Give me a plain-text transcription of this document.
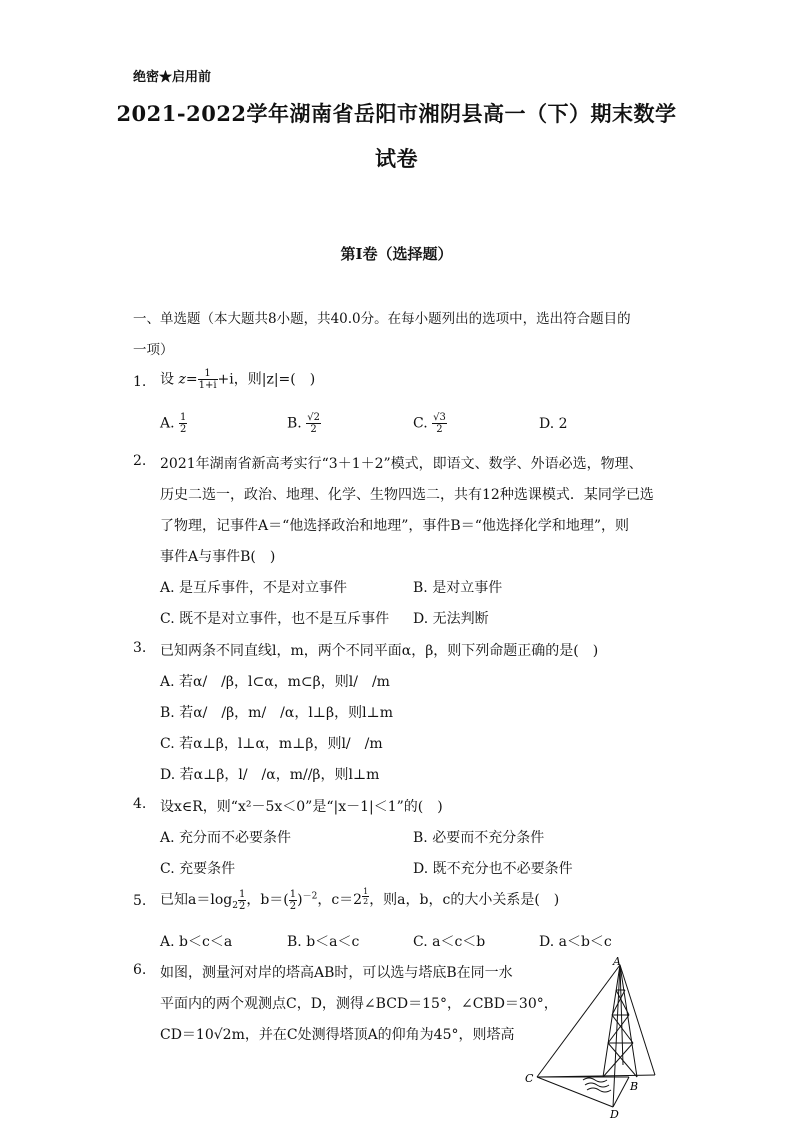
绝密★启用前
2021-2022学年湖南省岳阳市湘阴县高一（下）期末数学
试卷
第I卷（选择题）
一、单选题（本大题共8小题，共40.0分。在每小题列出的选项中，选出符合题目的
一项）
1. 设 $z= \frac{1}{1+i} +i$，则|z|=(　)
A. $\frac{1}{2}$	B. $\frac{√2}{2}$	C. $\frac{√3}{2}$	D. 2
2. 2021年湖南省新高考实行“3＋1＋2”模式，即语文、数学、外语必选，物理、
历史二选一，政治、地理、化学、生物四选二，共有12种选课模式．某同学已选
了物理，记事件A＝“他选择政治和地理”，事件B＝“他选择化学和地理”，则
事件A与事件B(　)
A. 是互斥事件，不是对立事件	B. 是对立事件
C. 既不是对立事件，也不是互斥事件 D. 无法判断
3. 已知两条不同直线l，m，两个不同平面α，β，则下列命题正确的是(　)
A. 若α/　/β，l⊂α，m⊂β，则l/　/m
B. 若α/　/β，m/　/α，l⊥β，则l⊥m
C. 若α⊥β，l⊥α，m⊥β，则l/　/m
D. 若α⊥β，l/　/α，m//β，则l⊥m
4. 设x∈R，则“x²－5x＜0”是“|x－1|＜1”的(　)
A. 充分而不必要条件	B. 必要而不充分条件
C. 充要条件	D. 既不充分也不必要条件
5. 已知$a=\log_2 \frac{1}{2}$ ，$b=( \frac{1}{2} )^{-2}$，c＝2 $^{\frac{1}{2}}$ ，则a，b，c的大小关系是(　)
A. b＜c＜a	B. b＜a＜c	C. a＜c＜b	D. a＜b＜c
6. 如图，测量河对岸的塔高AB时，可以选与塔底B在同一水
平面内的两个观测点C，D，测得∠BCD＝15°，∠CBD＝30°，
CD＝10√2m，并在C处测得塔顶A的仰角为45°，则塔高
A
B
C
D
